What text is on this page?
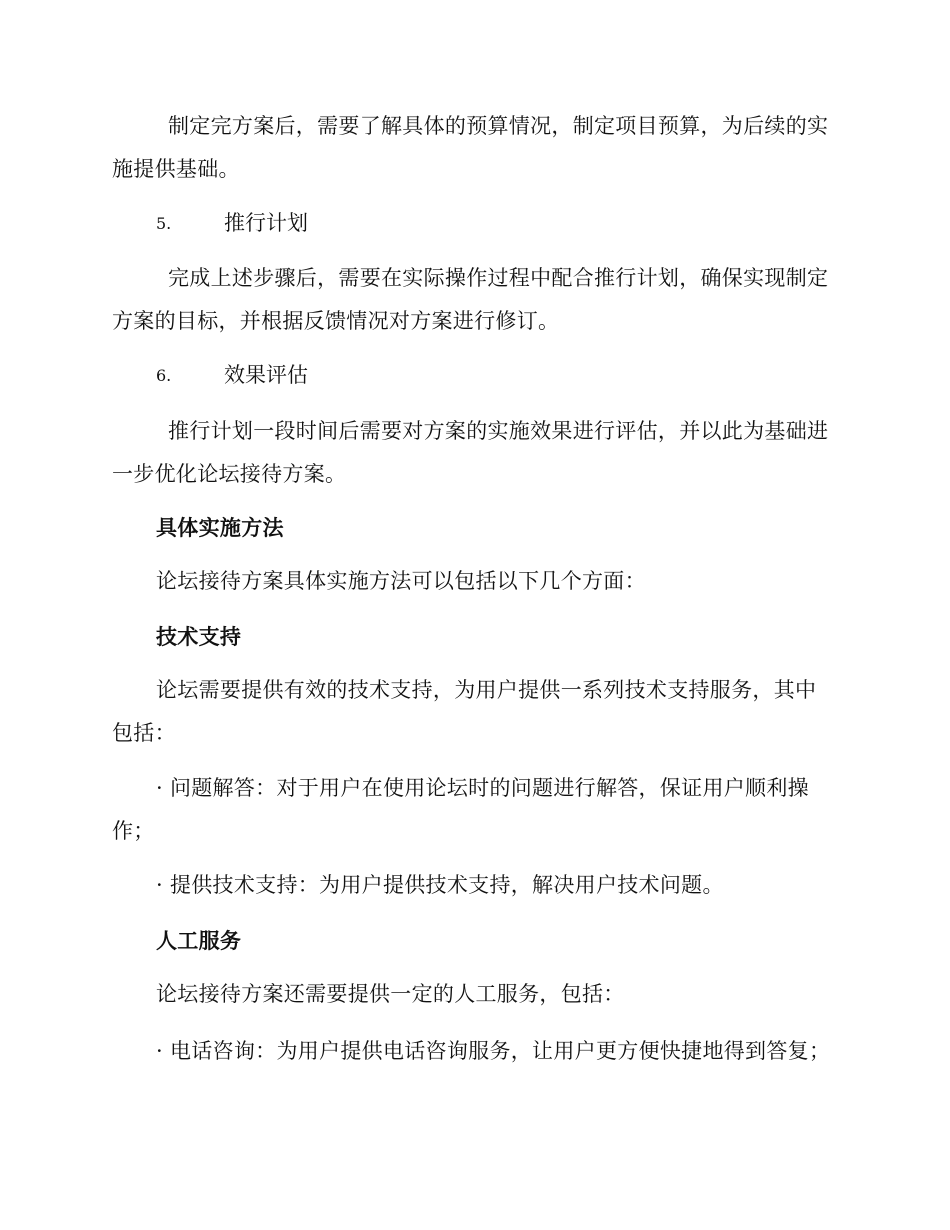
制定完方案后，需要了解具体的预算情况，制定项目预算，为后续的实施提供基础。

5.	推行计划

完成上述步骤后，需要在实际操作过程中配合推行计划，确保实现制定方案的目标，并根据反馈情况对方案进行修订。

6.	效果评估

推行计划一段时间后需要对方案的实施效果进行评估，并以此为基础进一步优化论坛接待方案。

具体实施方法

论坛接待方案具体实施方法可以包括以下几个方面：

技术支持

论坛需要提供有效的技术支持，为用户提供一系列技术支持服务，其中包括：

· 问题解答：对于用户在使用论坛时的问题进行解答，保证用户顺利操作；

· 提供技术支持：为用户提供技术支持，解决用户技术问题。

人工服务

论坛接待方案还需要提供一定的人工服务，包括：

· 电话咨询：为用户提供电话咨询服务，让用户更方便快捷地得到答复；
